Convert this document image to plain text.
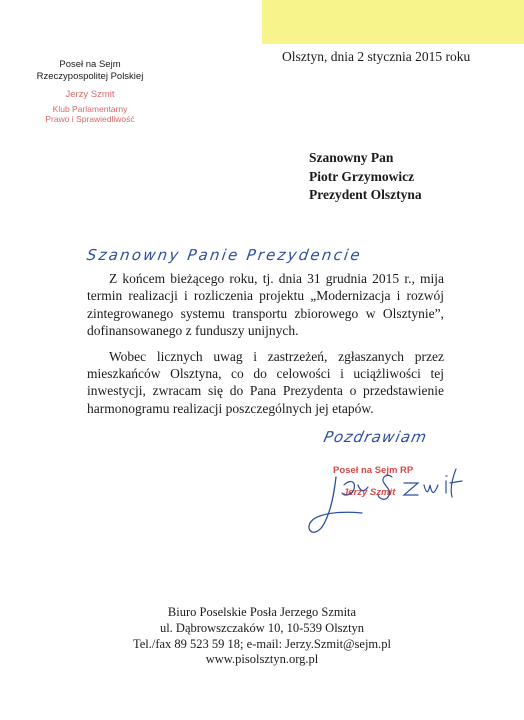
Olsztyn, dnia 2 stycznia 2015 roku
Poseł na Sejm
Rzeczypospolitej Polskiej
Jerzy Szmit
Klub Parlamentarny
Prawo i Sprawiedliwość
Szanowny Pan
Piotr Grzymowicz
Prezydent Olsztyna
Szanowny Panie Prezydencie

Z końcem bieżącego roku, tj. dnia 31 grudnia 2015 r., mija termin realizacji i rozliczenia projektu „Modernizacja i rozwój zintegrowanego systemu transportu zbiorowego w Olsztynie”, dofinansowanego z funduszy unijnych.

Wobec licznych uwag i zastrzeżeń, zgłaszanych przez mieszkańców Olsztyna, co do celowości i uciążliwości tej inwestycji, zwracam się do Pana Prezydenta o przedstawienie harmonogramu realizacji poszczególnych jej etapów.

Pozdrawiam
Poseł na Sejm RP
Jerzy Szmit
Biuro Poselskie Posła Jerzego Szmita
ul. Dąbrowszczaków 10, 10-539 Olsztyn
Tel./fax 89 523 59 18; e-mail: Jerzy.Szmit@sejm.pl
www.pisolsztyn.org.pl
